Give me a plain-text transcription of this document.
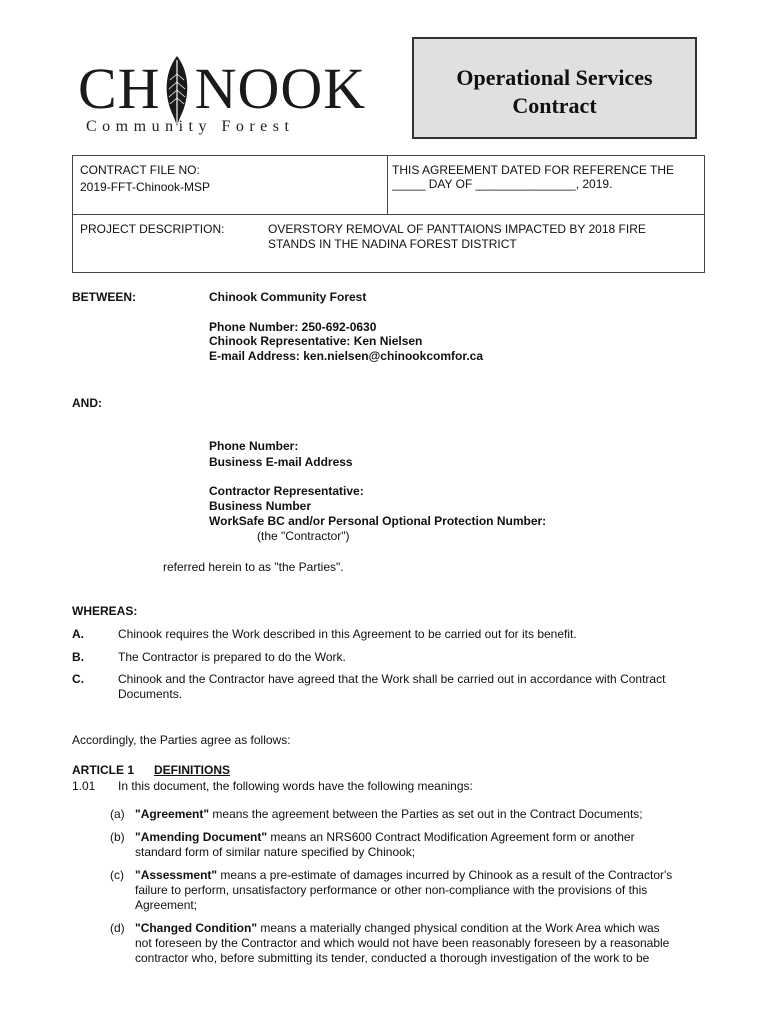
CH NOOK
Community Forest
Operational Services
Contract
CONTRACT FILE NO:
2019-FFT-Chinook-MSP
THIS AGREEMENT DATED FOR REFERENCE THE
_____ DAY OF _______________, 2019.
PROJECT DESCRIPTION:	OVERSTORY REMOVAL OF PANTTAIONS IMPACTED BY 2018 FIRE
STANDS IN THE NADINA FOREST DISTRICT
BETWEEN:	Chinook Community Forest
Phone Number: 250-692-0630
Chinook Representative: Ken Nielsen
E-mail Address: ken.nielsen@chinookcomfor.ca
AND:
Phone Number:
Business E-mail Address
Contractor Representative:
Business Number
WorkSafe BC and/or Personal Optional Protection Number:
(the "Contractor")
referred herein to as "the Parties".
WHEREAS:
A.	Chinook requires the Work described in this Agreement to be carried out for its benefit.
B.	The Contractor is prepared to do the Work.
C.	Chinook and the Contractor have agreed that the Work shall be carried out in accordance with Contract
Documents.
Accordingly, the Parties agree as follows:
ARTICLE 1 DEFINITIONS
1.01 In this document, the following words have the following meanings:
(a) "Agreement" means the agreement between the Parties as set out in the Contract Documents;
(b) "Amending Document" means an NRS600 Contract Modification Agreement form or another
standard form of similar nature specified by Chinook;
(c) "Assessment" means a pre-estimate of damages incurred by Chinook as a result of the Contractor's
failure to perform, unsatisfactory performance or other non-compliance with the provisions of this
Agreement;
(d) "Changed Condition" means a materially changed physical condition at the Work Area which was
not foreseen by the Contractor and which would not have been reasonably foreseen by a reasonable
contractor who, before submitting its tender, conducted a thorough investigation of the work to be
